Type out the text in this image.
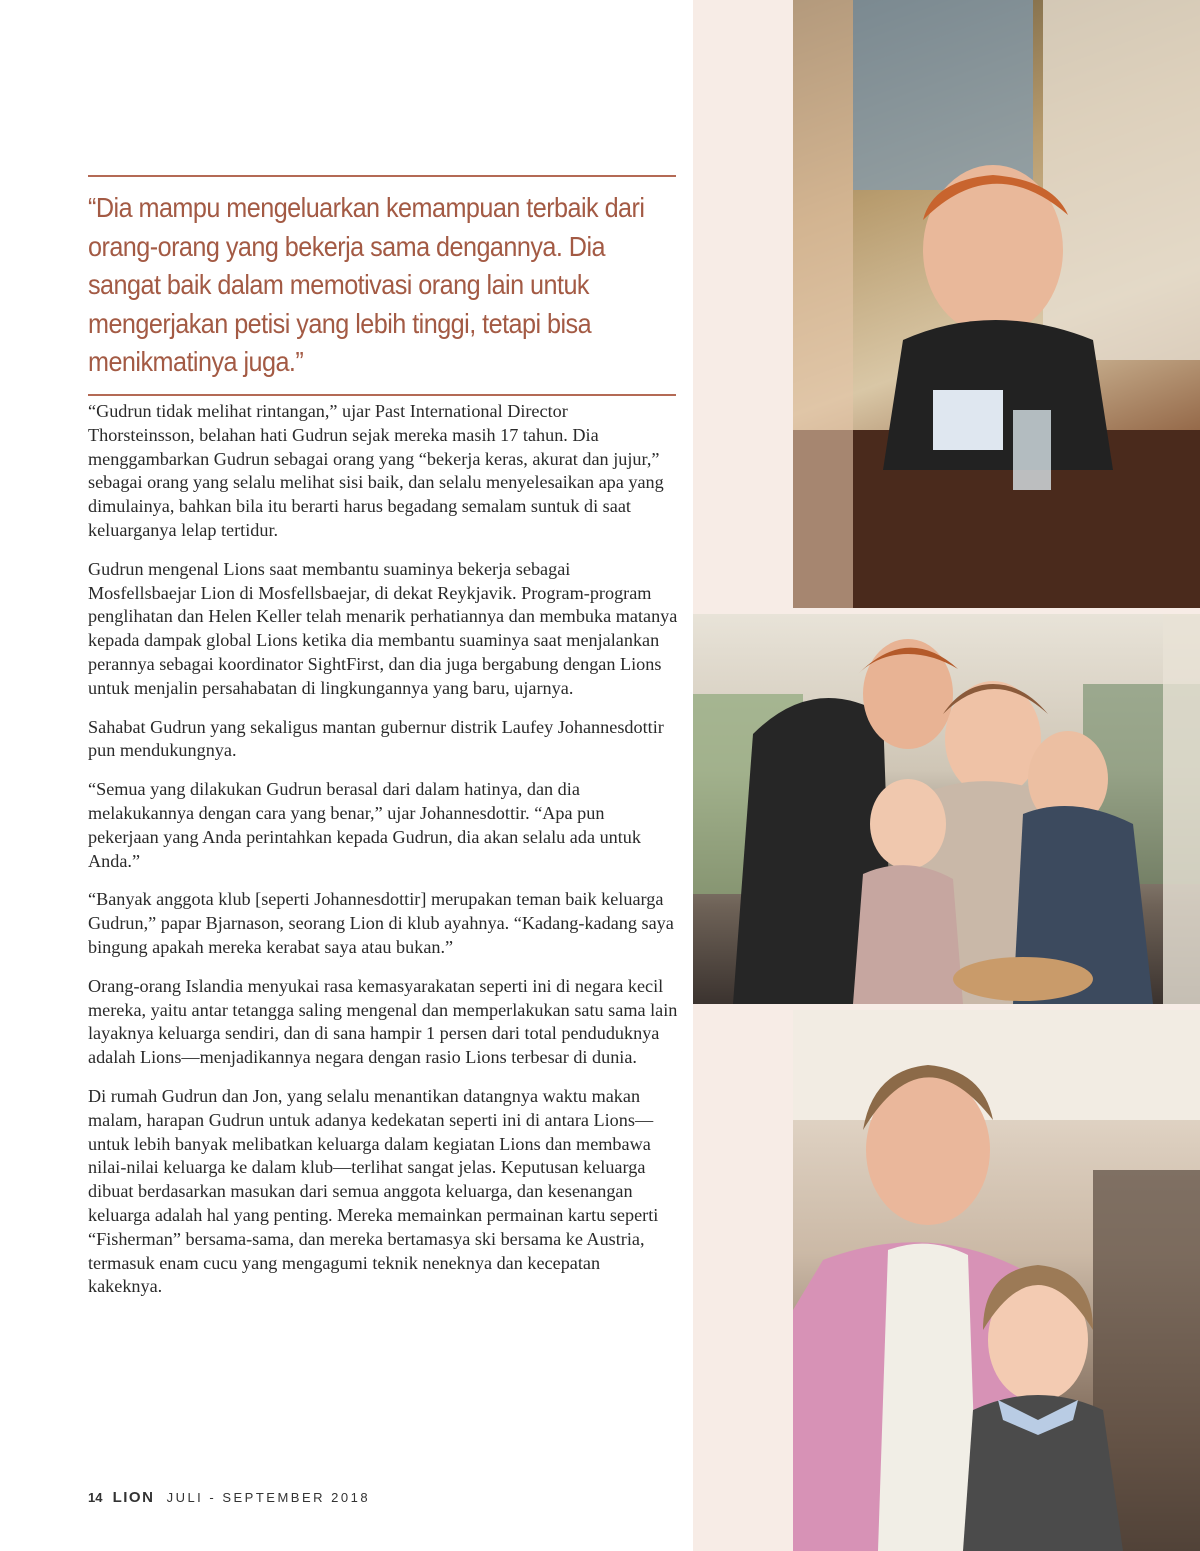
“Dia mampu mengeluarkan kemampuan terbaik dari orang-orang yang bekerja sama dengannya. Dia sangat baik dalam memotivasi orang lain untuk mengerjakan petisi yang lebih tinggi, tetapi bisa menikmatinya juga.”

“Gudrun tidak melihat rintangan,” ujar Past International Director Thorsteinsson, belahan hati Gudrun sejak mereka masih 17 tahun. Dia menggambarkan Gudrun sebagai orang yang “bekerja keras, akurat dan jujur,” sebagai orang yang selalu melihat sisi baik, dan selalu menyelesaikan apa yang dimulainya, bahkan bila itu berarti harus begadang semalam suntuk di saat keluarganya lelap tertidur.

Gudrun mengenal Lions saat membantu suaminya bekerja sebagai Mosfellsbaejar Lion di Mosfellsbaejar, di dekat Reykjavik. Program-program penglihatan dan Helen Keller telah menarik perhatiannya dan membuka matanya kepada dampak global Lions ketika dia membantu suaminya saat menjalankan perannya sebagai koordinator SightFirst, dan dia juga bergabung dengan Lions untuk menjalin persahabatan di lingkungannya yang baru, ujarnya.

Sahabat Gudrun yang sekaligus mantan gubernur distrik Laufey Johannesdottir pun mendukungnya.

“Semua yang dilakukan Gudrun berasal dari dalam hatinya, dan dia melakukannya dengan cara yang benar,” ujar Johannesdottir. “Apa pun pekerjaan yang Anda perintahkan kepada Gudrun, dia akan selalu ada untuk Anda.”

“Banyak anggota klub [seperti Johannesdottir] merupakan teman baik keluarga Gudrun,” papar Bjarnason, seorang Lion di klub ayahnya. “Kadang-kadang saya bingung apakah mereka kerabat saya atau bukan.”

Orang-orang Islandia menyukai rasa kemasyarakatan seperti ini di negara kecil mereka, yaitu antar tetangga saling mengenal dan memperlakukan satu sama lain layaknya keluarga sendiri, dan di sana hampir 1 persen dari total penduduknya adalah Lions—menjadikannya negara dengan rasio Lions terbesar di dunia.

Di rumah Gudrun dan Jon, yang selalu menantikan datangnya waktu makan malam, harapan Gudrun untuk adanya kedekatan seperti ini di antara Lions—untuk lebih banyak melibatkan keluarga dalam kegiatan Lions dan membawa nilai-nilai keluarga ke dalam klub—terlihat sangat jelas. Keputusan keluarga dibuat berdasarkan masukan dari semua anggota keluarga, dan kesenangan keluarga adalah hal yang penting. Mereka memainkan permainan kartu seperti “Fisherman” bersama-sama, dan mereka bertamasya ski bersama ke Austria, termasuk enam cucu yang mengagumi teknik neneknya dan kecepatan kakeknya.

14 LION JULI - SEPTEMBER 2018
